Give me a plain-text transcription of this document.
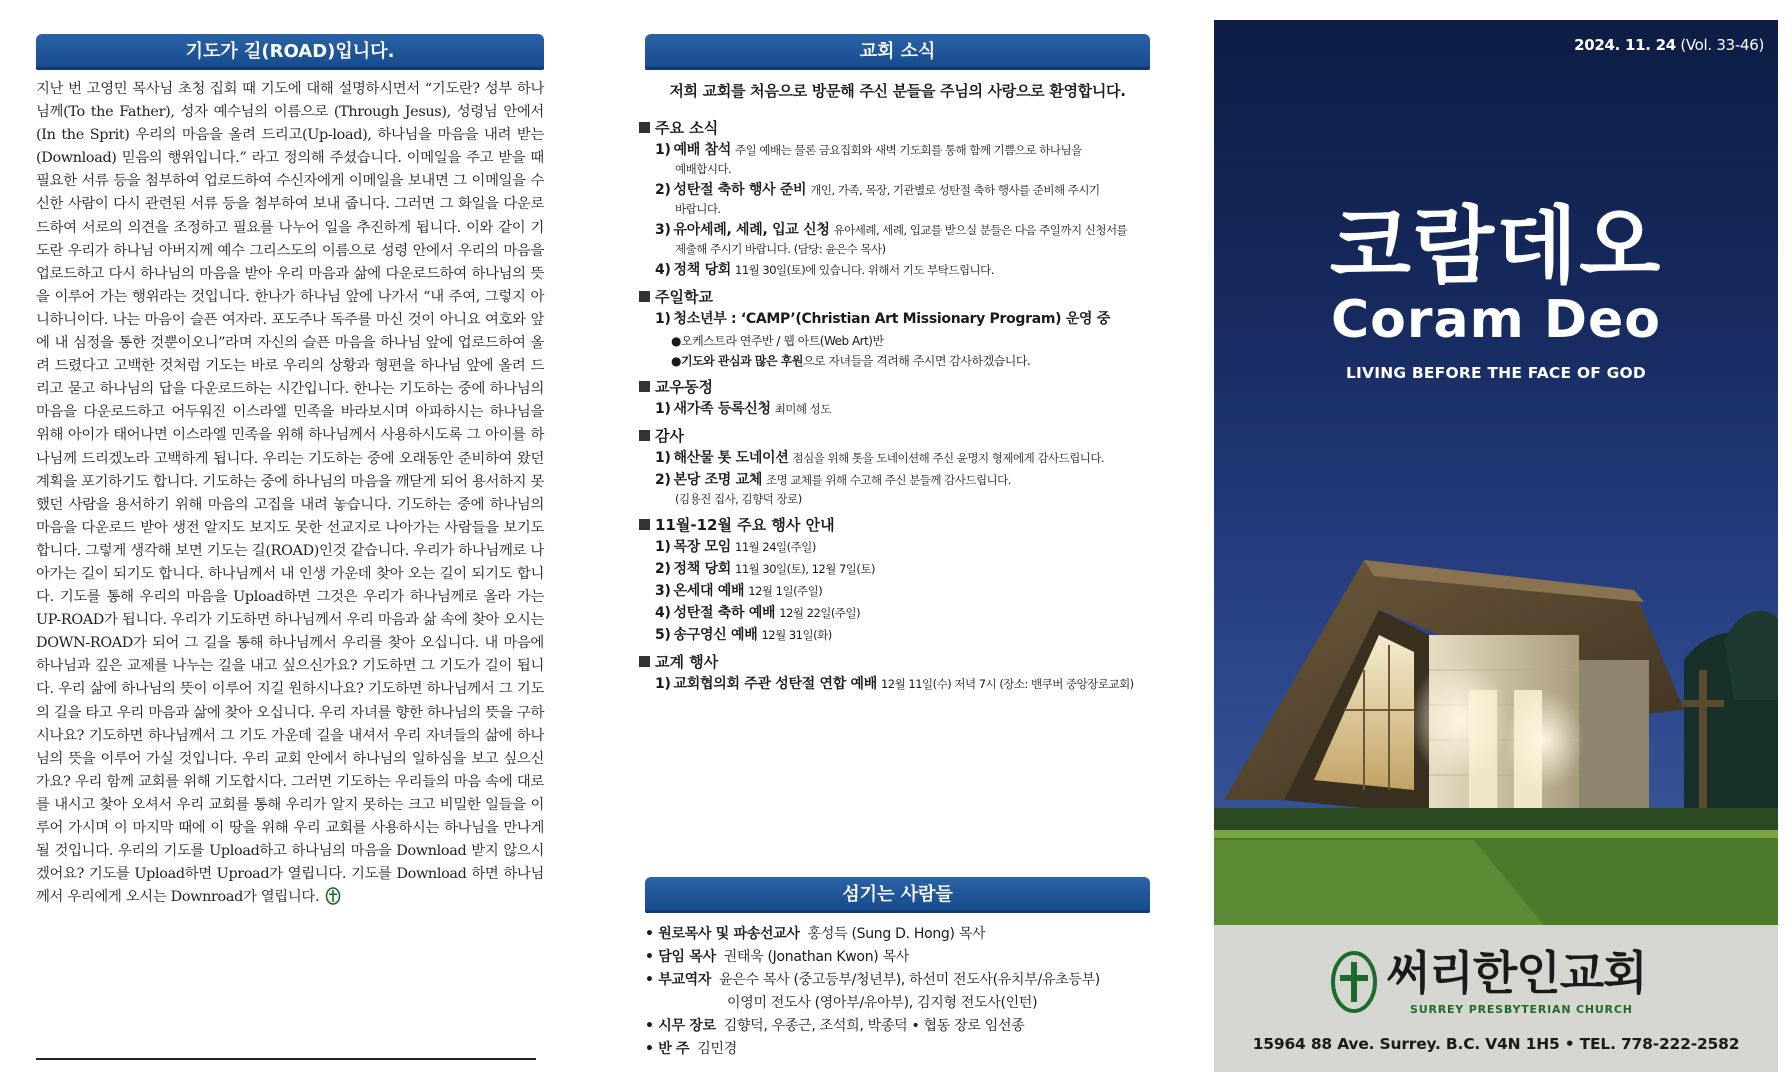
기도가 길(ROAD)입니다.

지난 번 고영민 목사님 초청 집회 때 기도에 대해 설명하시면서 “기도란? 성부 하나님께(To the Father), 성자 예수님의 이름으로 (Through Jesus), 성령님 안에서(In the Sprit) 우리의 마음을 올려 드리고(Up-load), 하나님을 마음을 내려 받는(Download) 믿음의 행위입니다.” 라고 정의해 주셨습니다. 이메일을 주고 받을 때 필요한 서류 등을 첨부하여 업로드하여 수신자에게 이메일을 보내면 그 이메일을 수신한 사람이 다시 관련된 서류 등을 첨부하여 보내 줍니다. 그러면 그 화일을 다운로드하여 서로의 의견을 조정하고 필요를 나누어 일을 추진하게 됩니다. 이와 같이 기도란 우리가 하나님 아버지께 예수 그리스도의 이름으로 성령 안에서 우리의 마음을 업로드하고 다시 하나님의 마음을 받아 우리 마음과 삶에 다운로드하여 하나님의 뜻을 이루어 가는 행위라는 것입니다. 한나가 하나님 앞에 나가서 “내 주여, 그렇지 아니하니이다. 나는 마음이 슬픈 여자라. 포도주나 독주를 마신 것이 아니요 여호와 앞에 내 심정을 통한 것뿐이오니”라며 자신의 슬픈 마음을 하나님 앞에 업로드하여 올려 드렸다고 고백한 것처럼 기도는 바로 우리의 상황과 형편을 하나님 앞에 올려 드리고 묻고 하나님의 답을 다운로드하는 시간입니다. 한나는 기도하는 중에 하나님의 마음을 다운로드하고 어두워진 이스라엘 민족을 바라보시며 아파하시는 하나님을 위해 아이가 태어나면 이스라엘 민족을 위해 하나님께서 사용하시도록 그 아이를 하나님께 드리겠노라 고백하게 됩니다. 우리는 기도하는 중에 오래동안 준비하여 왔던 계획을 포기하기도 합니다. 기도하는 중에 하나님의 마음을 깨닫게 되어 용서하지 못했던 사람을 용서하기 위해 마음의 고집을 내려 놓습니다. 기도하는 중에 하나님의 마음을 다운로드 받아 생전 알지도 보지도 못한 선교지로 나아가는 사람들을 보기도 합니다. 그렇게 생각해 보면 기도는 길(ROAD)인것 같습니다. 우리가 하나님께로 나아가는 길이 되기도 합니다. 하나님께서 내 인생 가운데 찾아 오는 길이 되기도 합니다. 기도를 통해 우리의 마음을 Upload하면 그것은 우리가 하나님께로 올라 가는 UP-ROAD가 됩니다. 우리가 기도하면 하나님께서 우리 마음과 삶 속에 찾아 오시는 DOWN-ROAD가 되어 그 길을 통해 하나님께서 우리를 찾아 오십니다. 내 마음에 하나님과 깊은 교제를 나누는 길을 내고 싶으신가요? 기도하면 그 기도가 길이 됩니다. 우리 삶에 하나님의 뜻이 이루어 지길 원하시나요? 기도하면 하나님께서 그 기도의 길을 타고 우리 마음과 삶에 찾아 오십니다. 우리 자녀를 향한 하나님의 뜻을 구하시나요? 기도하면 하나님께서 그 기도 가운데 길을 내셔서 우리 자녀들의 삶에 하나님의 뜻을 이루어 가실 것입니다. 우리 교회 안에서 하나님의 일하심을 보고 싶으신가요? 우리 함께 교회를 위해 기도합시다. 그러면 기도하는 우리들의 마음 속에 대로를 내시고 찾아 오셔서 우리 교회를 통해 우리가 알지 못하는 크고 비밀한 일들을 이루어 가시며 이 마지막 때에 이 땅을 위해 우리 교회를 사용하시는 하나님을 만나게 될 것입니다. 우리의 기도를 Upload하고 하나님의 마음을 Download 받지 않으시겠어요? 기도를 Upload하면 Uproad가 열립니다. 기도를 Download 하면 하나님께서 우리에게 오시는 Downroad가 열립니다.

교회 소식
저희 교회를 처음으로 방문해 주신 분들을 주님의 사랑으로 환영합니다.
주요 소식
1) 예배 참석 주일 예배는 물론 금요집회와 새벽 기도회를 통해 함께 기쁨으로 하나님을
예배합시다.
2) 성탄절 축하 행사 준비 개인, 가족, 목장, 기관별로 성탄절 축하 행사를 준비해 주시기
바랍니다.
3) 유아세례, 세례, 입교 신청 유아세례, 세례, 입교를 받으실 분들은 다음 주일까지 신청서를
제출해 주시기 바랍니다. (담당: 윤은수 목사)
4) 정책 당회 11월 30일(토)에 있습니다. 위해서 기도 부탁드립니다.
주일학교
1) 청소년부 : ‘CAMP’(Christian Art Missionary Program) 운영 중
●오케스트라 연주반 / 웹 아트(Web Art)반
●기도와 관심과 많은 후원으로 자녀들을 격려해 주시면 감사하겠습니다.
교우동정
1) 새가족 등록신청 최미혜 성도
감사
1) 해산물 톳 도네이션 점심을 위해 톳을 도네이션해 주신 윤명지 형제에게 감사드립니다.
2) 본당 조명 교체 조명 교체를 위해 수고해 주신 분들께 감사드립니다.
(김용진 집사, 김향덕 장로)
11월-12월 주요 행사 안내
1) 목장 모임 11월 24일(주일)
2) 정책 당회 11월 30일(토), 12월 7일(토)
3) 온세대 예배 12월 1일(주일)
4) 성탄절 축하 예배 12월 22일(주일)
5) 송구영신 예배 12월 31일(화)
교계 행사
1) 교회협의회 주관 성탄절 연합 예배 12월 11일(수) 저녁 7시 (장소: 밴쿠버 중앙장로교회)
섬기는 사람들
• 원로목사 및 파송선교사 홍성득 (Sung D. Hong) 목사
• 담임 목사 권태욱 (Jonathan Kwon) 목사
• 부교역자 윤은수 목사 (중고등부/청년부), 하선미 전도사(유치부/유초등부)
이영미 전도사 (영아부/유아부), 김지형 전도사(인턴)
• 시무 장로 김향덕, 우종근, 조석희, 박종덕 • 협동 장로 임선종
• 반 주 김민경
2024. 11. 24 (Vol. 33-46)
코람데오
Coram Deo
LIVING BEFORE THE FACE OF GOD
써리한인교회
SURREY PRESBYTERIAN CHURCH
15964 88 Ave. Surrey. B.C. V4N 1H5 • TEL. 778-222-2582
